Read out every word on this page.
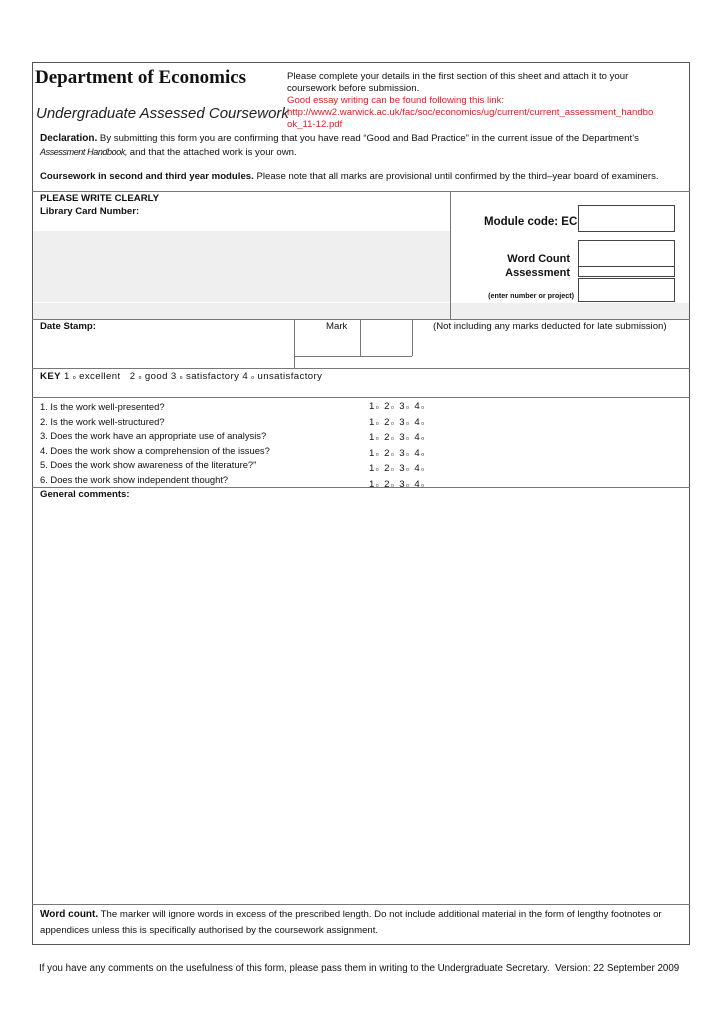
Department of Economics
Undergraduate Assessed Coursework
Please complete your details in the first section of this sheet and attach it to your coursework before submission.
Good essay writing can be found following this link:
http://www2.warwick.ac.uk/fac/soc/economics/ug/current/current_assessment_handbo
ok_11-12.pdf
Declaration. By submitting this form you are confirming that you have read “Good and Bad Practice” in the current issue of the Department’s
Assessment Handbook, and that the attached work is your own.
Coursework in second and third year modules. Please note that all marks are provisional until confirmed by the third–year board of examiners.
PLEASE WRITE CLEARLY
Library Card Number:
Module code: EC
Word Count
Assessment
(enter number or project)
Date Stamp:	Mark	(Not including any marks deducted for late submission)
KEY 1 o excellent 2 o good 3 o satisfactory 4 o unsatisfactory
1. Is the work well-presented?
2. Is the work well-structured?
3. Does the work have an appropriate use of analysis?
4. Does the work show a comprehension of the issues?
5. Does the work show awareness of the literature?"
6. Does the work show independent thought?
1o 2o 3o 4o
1o 2o 3o 4o
1o 2o 3o 4o
1o 2o 3o 4o
1o 2o 3o 4o
1o 2o 3o 4o
General comments:
Word count. The marker will ignore words in excess of the prescribed length. Do not include additional material in the form of lengthy footnotes or
appendices unless this is specifically authorised by the coursework assignment.
If you have any comments on the usefulness of this form, please pass them in writing to the Undergraduate Secretary. Version: 22 September 2009
